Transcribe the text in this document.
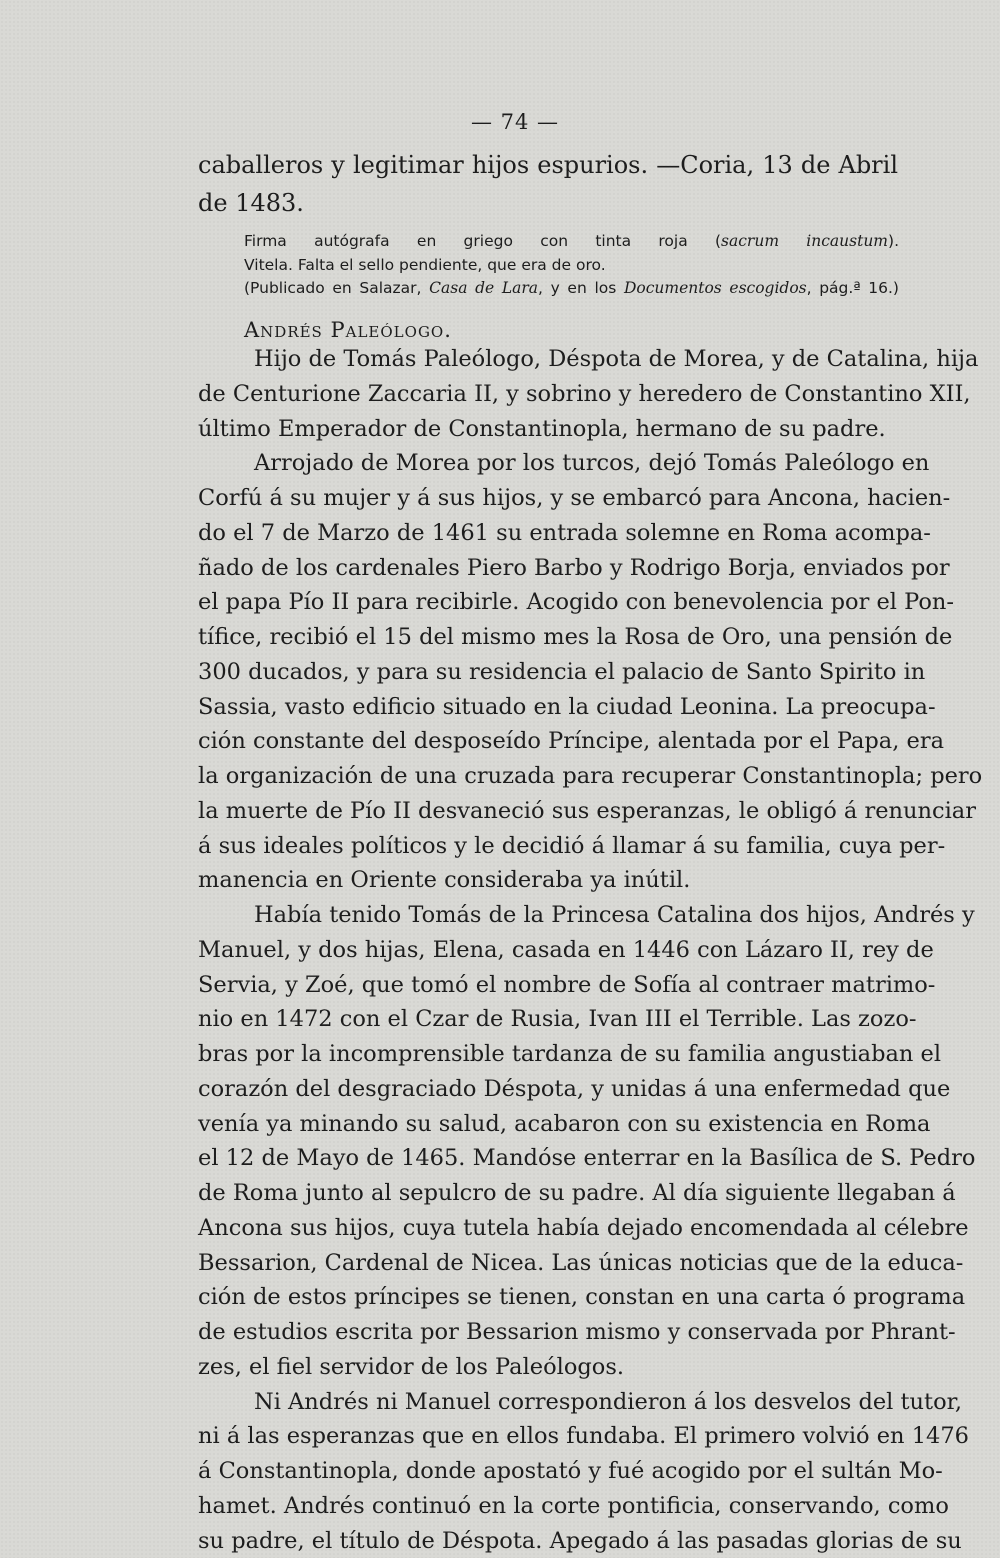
— 74 —
caballeros y legitimar hijos espurios. —Coria, 13 de Abril
de 1483.
Firma autógrafa en griego con tinta roja (sacrum incaustum).
Vitela. Falta el sello pendiente, que era de oro.
(Publicado en Salazar, Casa de Lara, y en los Documentos escogidos, pág.ª 16.)
Andrés Paleólogo.
Hijo de Tomás Paleólogo, Déspota de Morea, y de Catalina, hija
de Centurione Zaccaria II, y sobrino y heredero de Constantino XII,
último Emperador de Constantinopla, hermano de su padre.
Arrojado de Morea por los turcos, dejó Tomás Paleólogo en
Corfú á su mujer y á sus hijos, y se embarcó para Ancona, hacien-
do el 7 de Marzo de 1461 su entrada solemne en Roma acompa-
ñado de los cardenales Piero Barbo y Rodrigo Borja, enviados por
el papa Pío II para recibirle. Acogido con benevolencia por el Pon-
tífice, recibió el 15 del mismo mes la Rosa de Oro, una pensión de
300 ducados, y para su residencia el palacio de Santo Spirito in
Sassia, vasto edificio situado en la ciudad Leonina. La preocupa-
ción constante del desposeído Príncipe, alentada por el Papa, era
la organización de una cruzada para recuperar Constantinopla; pero
la muerte de Pío II desvaneció sus esperanzas, le obligó á renunciar
á sus ideales políticos y le decidió á llamar á su familia, cuya per-
manencia en Oriente consideraba ya inútil.
Había tenido Tomás de la Princesa Catalina dos hijos, Andrés y
Manuel, y dos hijas, Elena, casada en 1446 con Lázaro II, rey de
Servia, y Zoé, que tomó el nombre de Sofía al contraer matrimo-
nio en 1472 con el Czar de Rusia, Ivan III el Terrible. Las zozo-
bras por la incomprensible tardanza de su familia angustiaban el
corazón del desgraciado Déspota, y unidas á una enfermedad que
venía ya minando su salud, acabaron con su existencia en Roma
el 12 de Mayo de 1465. Mandóse enterrar en la Basílica de S. Pedro
de Roma junto al sepulcro de su padre. Al día siguiente llegaban á
Ancona sus hijos, cuya tutela había dejado encomendada al célebre
Bessarion, Cardenal de Nicea. Las únicas noticias que de la educa-
ción de estos príncipes se tienen, constan en una carta ó programa
de estudios escrita por Bessarion mismo y conservada por Phrant-
zes, el fiel servidor de los Paleólogos.
Ni Andrés ni Manuel correspondieron á los desvelos del tutor,
ni á las esperanzas que en ellos fundaba. El primero volvió en 1476
á Constantinopla, donde apostató y fué acogido por el sultán Mo-
hamet. Andrés continuó en la corte pontificia, conservando, como
su padre, el título de Déspota. Apegado á las pasadas glorias de su
